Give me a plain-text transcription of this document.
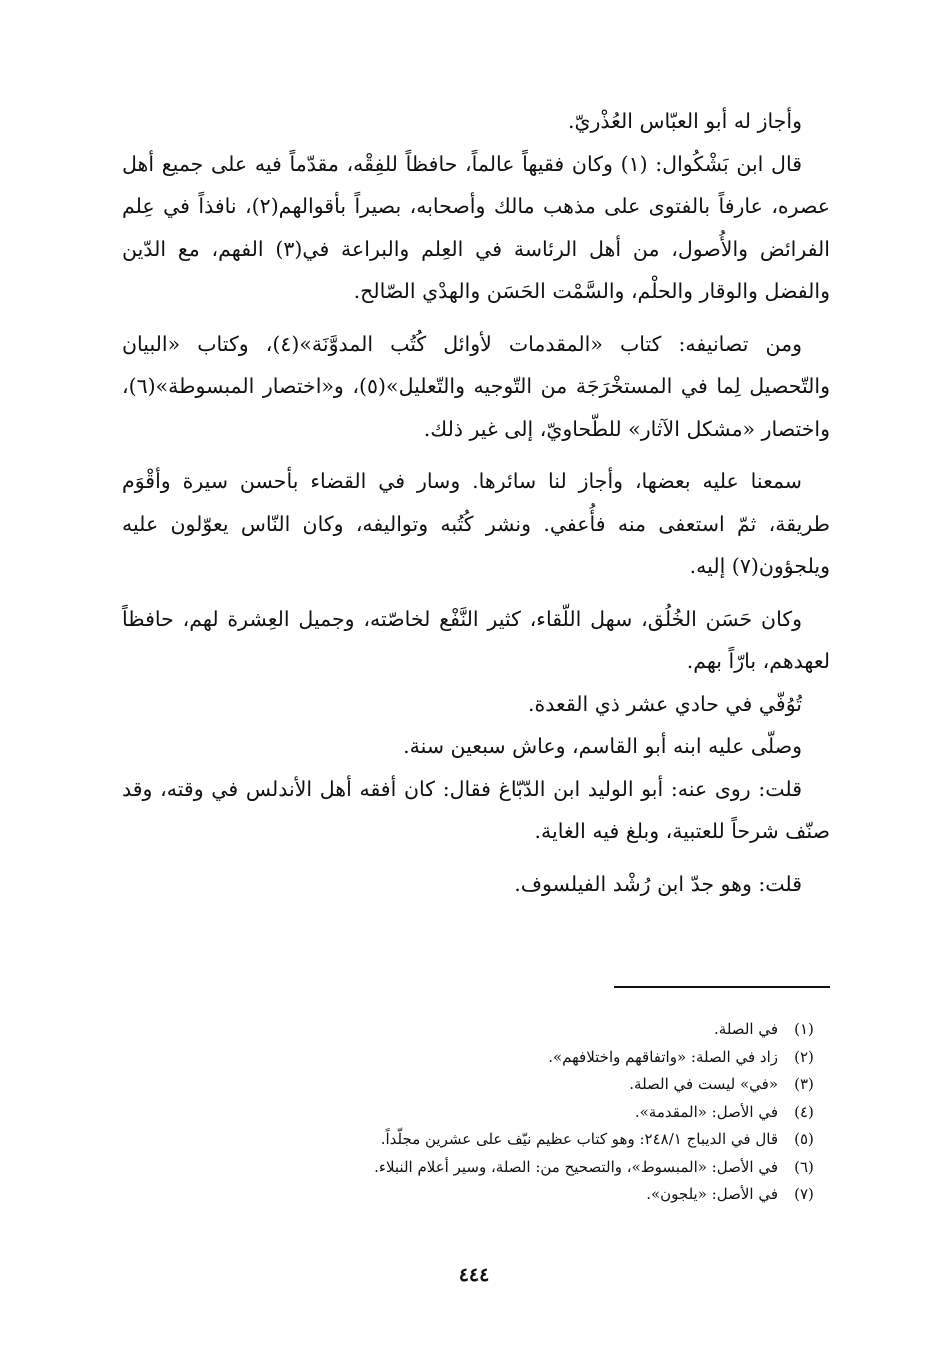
وأجاز له أبو العبّاس العُذْريّ.

قال ابن بَشْكُوال: (١) وكان فقيهاً عالماً، حافظاً للفِقْه، مقدّماً فيه على جميع أهل عصره، عارفاً بالفتوى على مذهب مالك وأصحابه، بصيراً بأقوالهم(٢)، نافذاً في عِلم الفرائض والأُصول، من أهل الرئاسة في العِلم والبراعة في(٣) الفهم، مع الدّين والفضل والوقار والحلْم، والسَّمْت الحَسَن والهدْي الصّالح.

ومن تصانيفه: كتاب «المقدمات لأوائل كُتُب المدوَّنَة»(٤)، وكتاب «البيان والتّحصيل لِما في المستخْرَجَة من التّوجيه والتّعليل»(٥)، و«اختصار المبسوطة»(٦)، واختصار «مشكل الآثار» للطّحاويّ، إلى غير ذلك.

سمعنا عليه بعضها، وأجاز لنا سائرها. وسار في القضاء بأحسن سيرة وأقْوَم طريقة، ثمّ استعفى منه فأُعفي. ونشر كُتُبه وتواليفه، وكان النّاس يعوّلون عليه ويلجؤون(٧) إليه.

وكان حَسَن الخُلُق، سهل اللّقاء، كثير النَّفْع لخاصّته، وجميل العِشرة لهم، حافظاً لعهدهم، بارّاً بهم.

تُوُفّي في حادي عشر ذي القعدة.

وصلّى عليه ابنه أبو القاسم، وعاش سبعين سنة.

قلت: روى عنه: أبو الوليد ابن الدّبّاغ فقال: كان أفقه أهل الأندلس في وقته، وقد صنّف شرحاً للعتبية، وبلغ فيه الغاية.

قلت: وهو جدّ ابن رُشْد الفيلسوف.

(١)
في الصلة.
(٢)
زاد في الصلة: «واتفاقهم واختلافهم».
(٣)
«في» ليست في الصلة.
(٤)
في الأصل: «المقدمة».
(٥)
قال في الديباج ٢٤٨/١: وهو كتاب عظيم نيّف على عشرين مجلّداً.
(٦)
في الأصل: «المبسوط»، والتصحيح من: الصلة، وسير أعلام النبلاء.
(٧)
في الأصل: «يلجون».

٤٤٤
